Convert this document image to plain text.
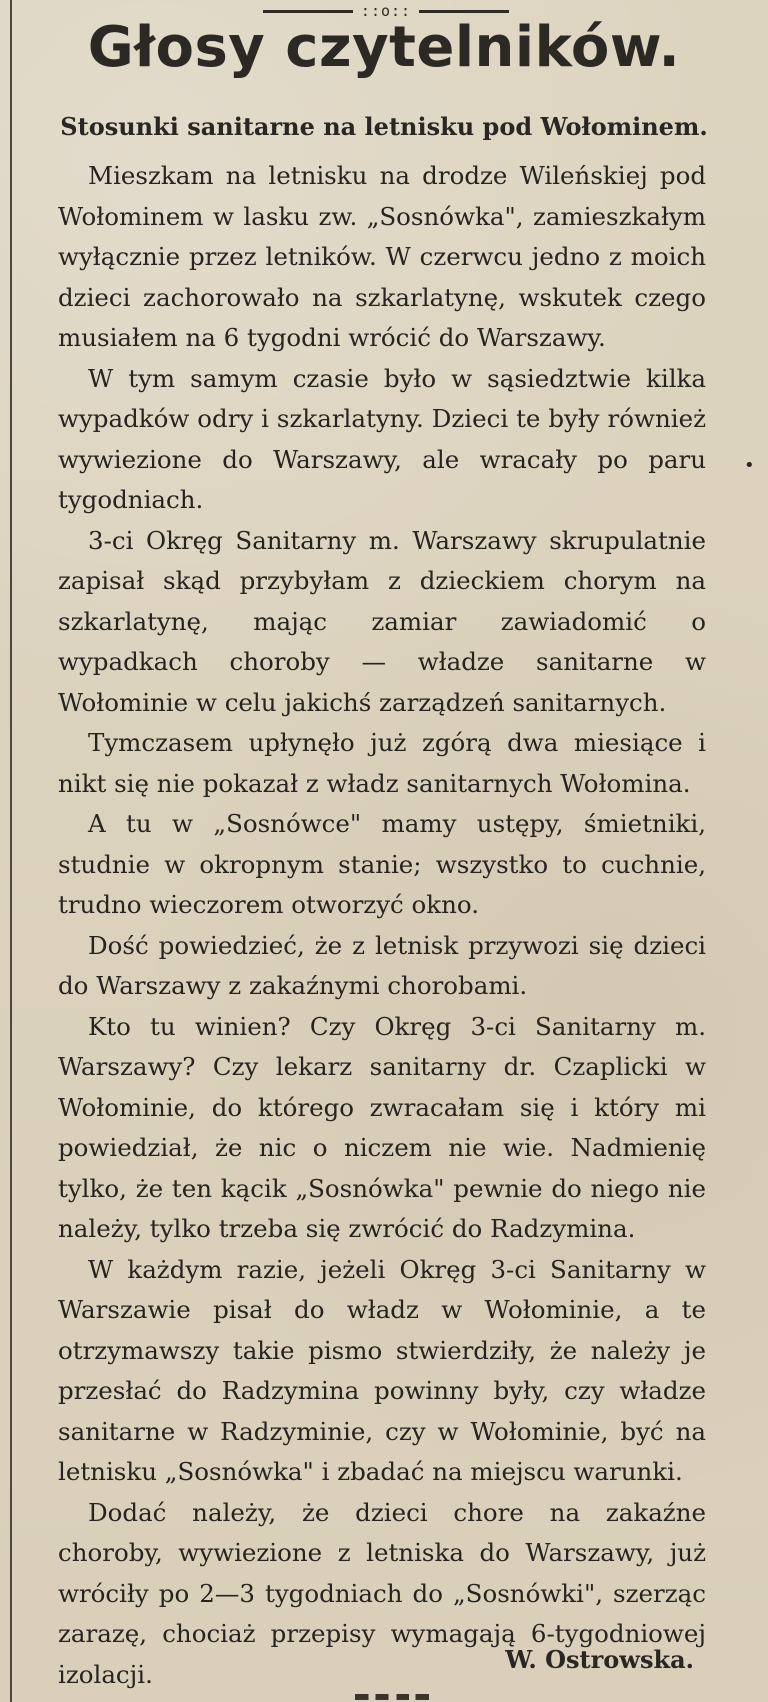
::o::
Głosy czytelników.
Stosunki sanitarne na letnisku pod Wołominem.

Mieszkam na letnisku na drodze Wileńskiej pod Wołominem w lasku zw. „Sosnówka", zamieszkałym wyłącznie przez letników. W czerwcu jedno z moich dzieci zachorowało na szkarlatynę, wskutek czego musiałem na 6 tygodni wrócić do Warszawy.

W tym samym czasie było w sąsiedztwie kilka wypadków odry i szkarlatyny. Dzieci te były również wywiezione do Warszawy, ale wracały po paru tygodniach.

3-ci Okręg Sanitarny m. Warszawy skrupulatnie zapisał skąd przybyłam z dzieckiem chorym na szkarlatynę, mając zamiar zawiadomić o wypadkach choroby — władze sanitarne w Wołominie w celu jakichś zarządzeń sanitarnych.

Tymczasem upłynęło już zgórą dwa miesiące i nikt się nie pokazał z władz sanitarnych Wołomina.

A tu w „Sosnówce" mamy ustępy, śmietniki, studnie w okropnym stanie; wszystko to cuchnie, trudno wieczorem otworzyć okno.

Dość powiedzieć, że z letnisk przywozi się dzieci do Warszawy z zakaźnymi chorobami.

Kto tu winien? Czy Okręg 3-ci Sanitarny m. Warszawy? Czy lekarz sanitarny dr. Czaplicki w Wołominie, do którego zwracałam się i który mi powiedział, że nic o niczem nie wie. Nadmienię tylko, że ten kącik „Sosnówka" pewnie do niego nie należy, tylko trzeba się zwrócić do Radzymina.

W każdym razie, jeżeli Okręg 3-ci Sanitarny w Warszawie pisał do władz w Wołominie, a te otrzymawszy takie pismo stwierdziły, że należy je przesłać do Radzymina powinny były, czy władze sanitarne w Radzyminie, czy w Wołominie, być na letnisku „Sosnówka" i zbadać na miejscu warunki.

Dodać należy, że dzieci chore na zakaźne choroby, wywiezione z letniska do Warszawy, już wróciły po 2—3 tygodniach do „Sosnówki", szerząc zarazę, chociaż przepisy wymagają 6-tygodniowej izolacji.	W. Ostrowska.
•
